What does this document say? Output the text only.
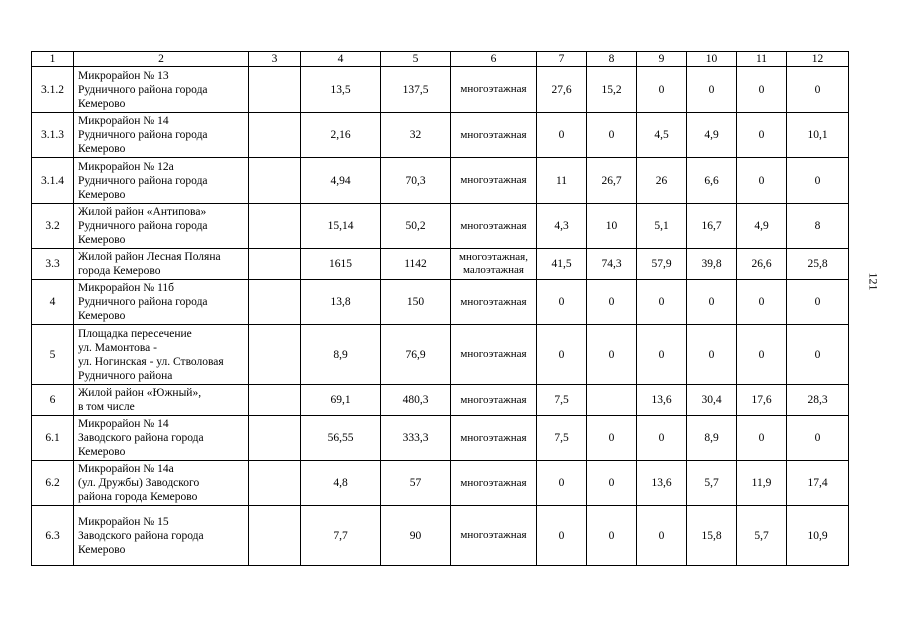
1	2	3	4	5	6	7	8	9	10	11	12
3.1.2	Микрорайон № 13
Рудничного района города
Кемерово		13,5	137,5	многоэтажная	27,6	15,2	0	0	0	0
3.1.3	Микрорайон № 14
Рудничного района города
Кемерово		2,16	32	многоэтажная	0	0	4,5	4,9	0	10,1
3.1.4	Микрорайон № 12а
Рудничного района города
Кемерово		4,94	70,3	многоэтажная	11	26,7	26	6,6	0	0
3.2	Жилой район «Антипова»
Рудничного района города
Кемерово		15,14	50,2	многоэтажная	4,3	10	5,1	16,7	4,9	8
3.3	Жилой район Лесная Поляна
города Кемерово		1615	1142	многоэтажная,
малоэтажная	41,5	74,3	57,9	39,8	26,6	25,8
4	Микрорайон № 11б
Рудничного района города
Кемерово		13,8	150	многоэтажная	0	0	0	0	0	0
5	Площадка пересечение
ул. Мамонтова -
ул. Ногинская - ул. Стволовая
Рудничного района		8,9	76,9	многоэтажная	0	0	0	0	0	0
6	Жилой район «Южный»,
в том числе		69,1	480,3	многоэтажная	7,5		13,6	30,4	17,6	28,3
6.1	Микрорайон № 14
Заводского района города
Кемерово		56,55	333,3	многоэтажная	7,5	0	0	8,9	0	0
6.2	Микрорайон № 14а
(ул. Дружбы) Заводского
района города Кемерово		4,8	57	многоэтажная	0	0	13,6	5,7	11,9	17,4
6.3	Микрорайон № 15
Заводского района города
Кемерово		7,7	90	многоэтажная	0	0	0	15,8	5,7	10,9
121
